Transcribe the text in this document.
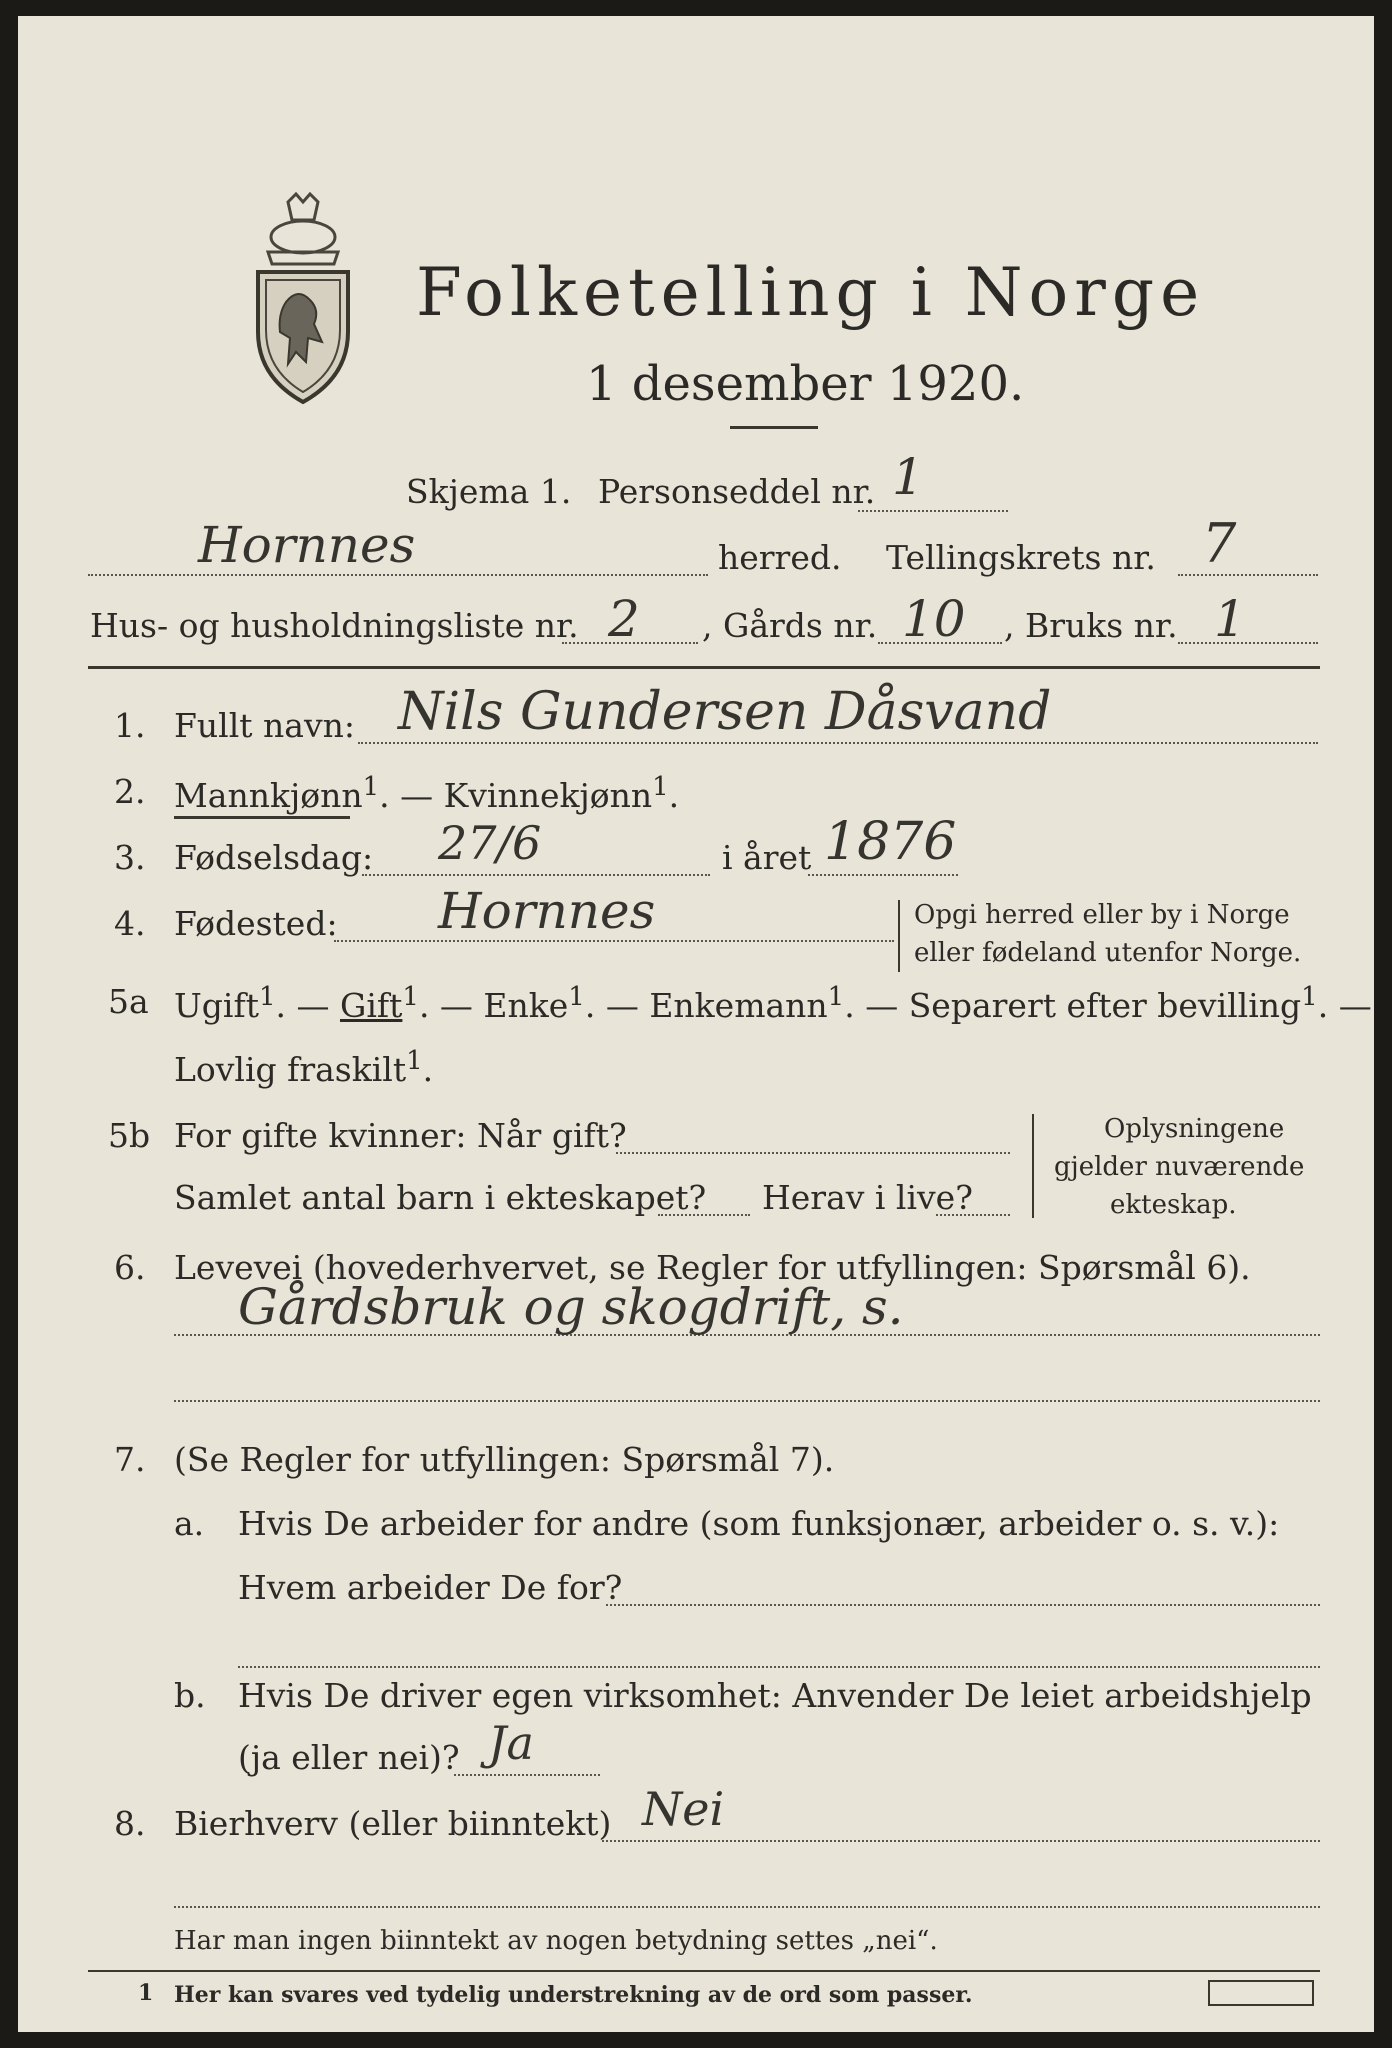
Folketelling i Norge
1 desember 1920.
Skjema 1. Personseddel nr. 1
Hornnes	herred. Tellingskrets nr. 7
Hus- og husholdningsliste nr. 2 , Gårds nr. 10 , Bruks nr. 1
1. Fullt navn: Nils Gundersen Dåsvand
2. Mannkjønn$^1$. — Kvinnekjønn$^1$.
3. Fødselsdag: 27/6	i året 1876
4. Fødested: Hornnes	Opgi herred eller by i Norge
eller fødeland utenfor Norge.
5a Ugift$^1$. — Gift$^1$. — Enke$^1$. — Enkemann$^1$. — Separert efter bevilling$^1$. —
Lovlig fraskilt$^1$.
5b For gifte kvinner: Når gift?
Samlet antal barn i ekteskapet? Herav i live?
Oplysningene
gjelder nuværende
ekteskap.
6. Levevei (hovederhvervet, se Regler for utfyllingen: Spørsmål 6).
Gårdsbruk og skogdrift, s.
7. (Se Regler for utfyllingen: Spørsmål 7).
a. Hvis De arbeider for andre (som funksjonær, arbeider o. s. v.):
Hvem arbeider De for?
b. Hvis De driver egen virksomhet: Anvender De leiet arbeidshjelp
(ja eller nei)? Ja
8. Bierhverv (eller biinntekt) Nei
Har man ingen biinntekt av nogen betydning settes „nei“.
1 Her kan svares ved tydelig understrekning av de ord som passer.
